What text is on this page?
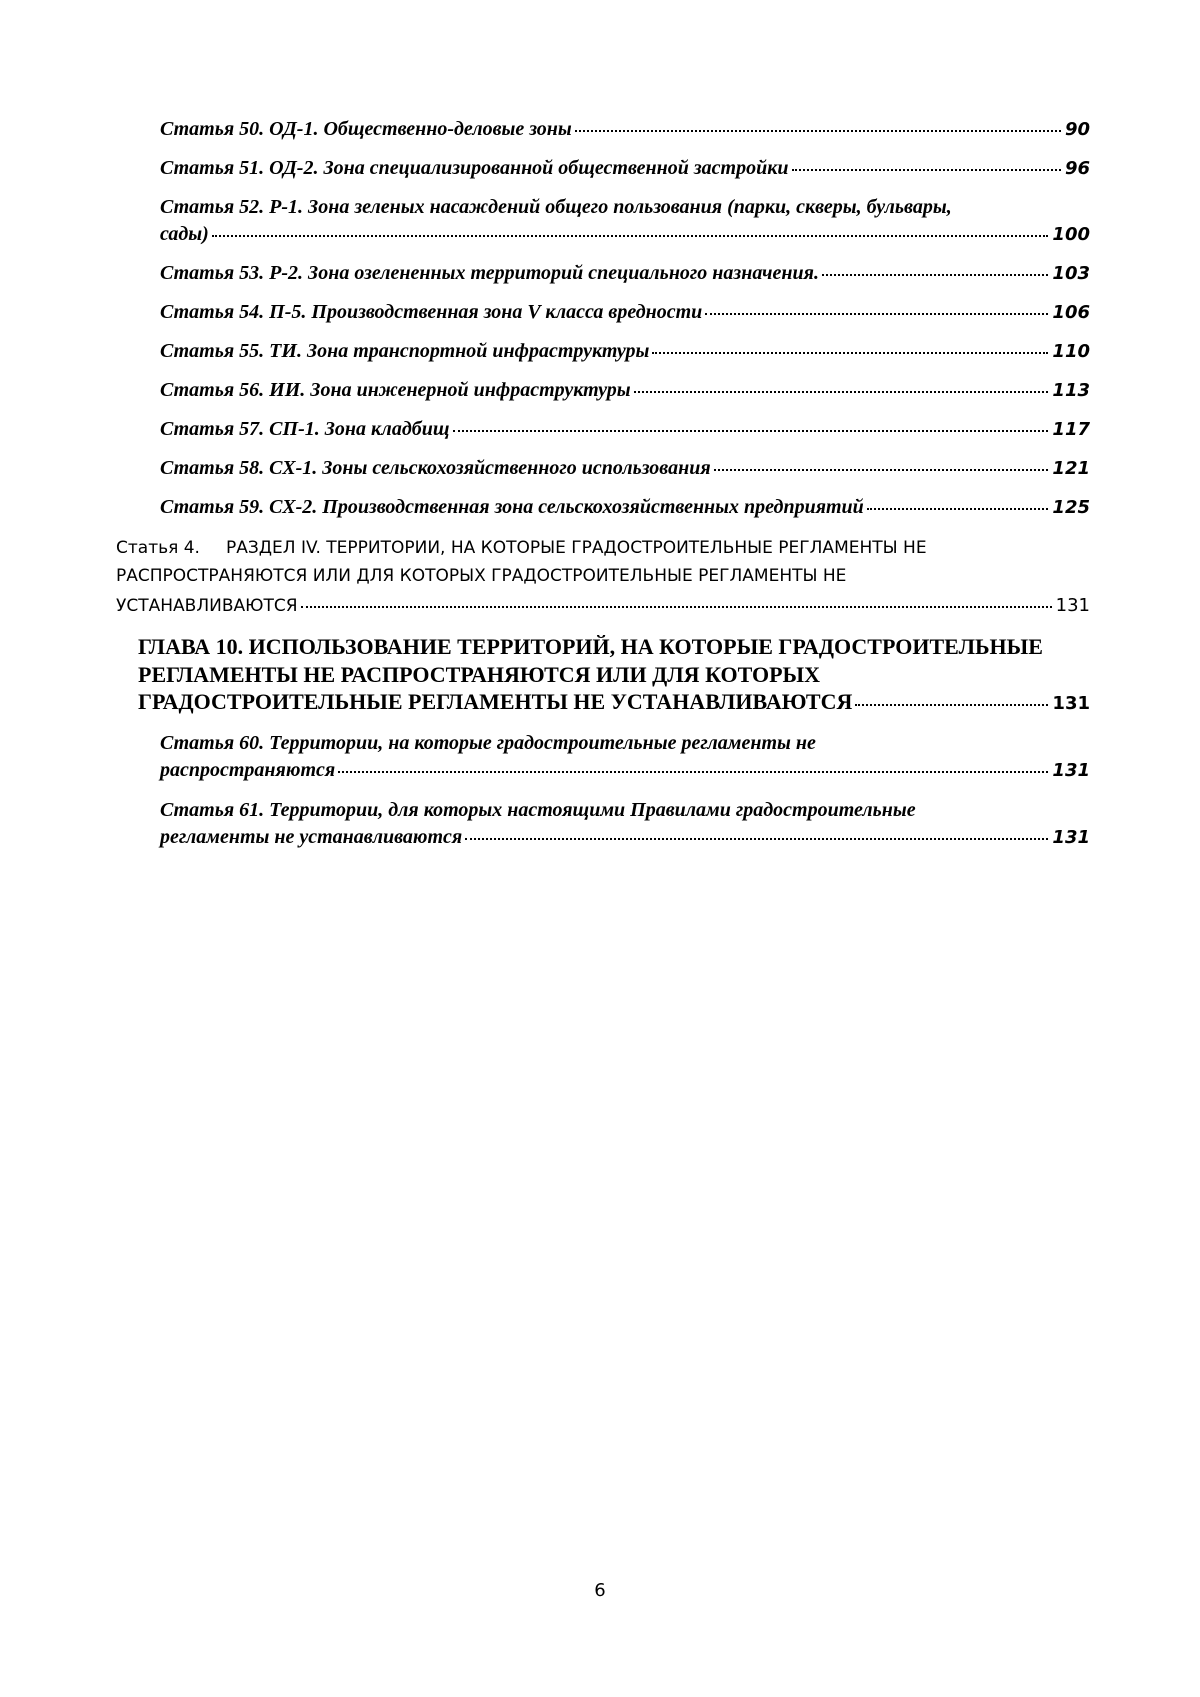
Статья 50. ОД-1. Общественно-деловые зоны	90
Статья 51. ОД-2. Зона специализированной общественной застройки	96
Статья 52. Р-1. Зона зеленых насаждений общего пользования (парки, скверы, бульвары,
сады)	100
Статья 53. Р-2. Зона озелененных территорий специального назначения.	103
Статья 54. П-5. Производственная зона V класса вредности	106
Статья 55. ТИ. Зона транспортной инфраструктуры	110
Статья 56. ИИ. Зона инженерной инфраструктуры	113
Статья 57. СП-1. Зона кладбищ	117
Статья 58. СХ-1. Зоны сельскохозяйственного использования	121
Статья 59. СХ-2. Производственная зона сельскохозяйственных предприятий	125
Статья 4. РАЗДЕЛ IV. ТЕРРИТОРИИ, НА КОТОРЫЕ ГРАДОСТРОИТЕЛЬНЫЕ РЕГЛАМЕНТЫ НЕ
РАСПРОСТРАНЯЮТСЯ ИЛИ ДЛЯ КОТОРЫХ ГРАДОСТРОИТЕЛЬНЫЕ РЕГЛАМЕНТЫ НЕ
УСТАНАВЛИВАЮТСЯ	131
ГЛАВА 10. ИСПОЛЬЗОВАНИЕ ТЕРРИТОРИЙ, НА КОТОРЫЕ ГРАДОСТРОИТЕЛЬНЫЕ
РЕГЛАМЕНТЫ НЕ РАСПРОСТРАНЯЮТСЯ ИЛИ ДЛЯ КОТОРЫХ
ГРАДОСТРОИТЕЛЬНЫЕ РЕГЛАМЕНТЫ НЕ УСТАНАВЛИВАЮТСЯ	131
Статья 60. Территории, на которые градостроительные регламенты не
распространяются	131
Статья 61. Территории, для которых настоящими Правилами градостроительные
регламенты не устанавливаются	131
6
